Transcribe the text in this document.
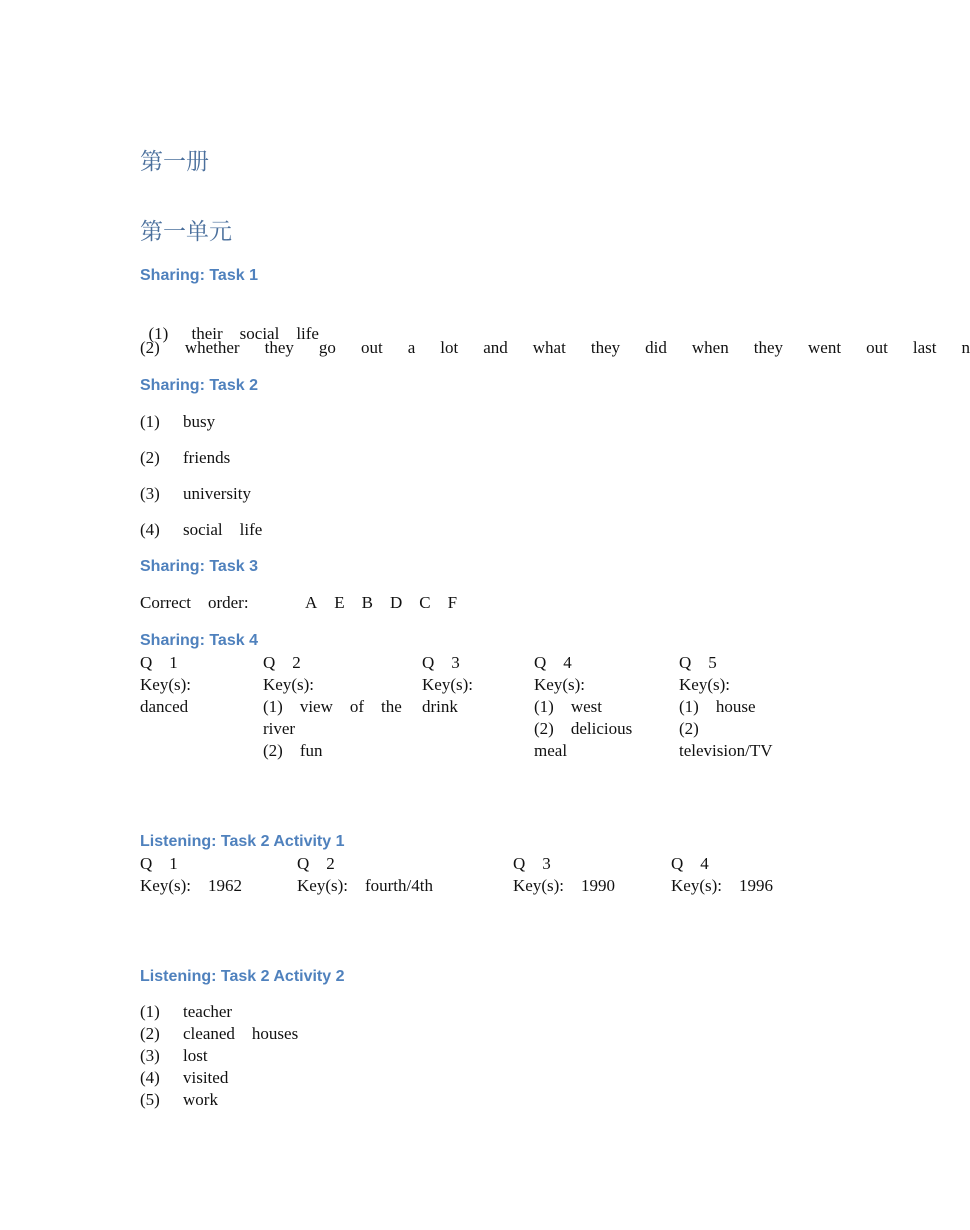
第一册
第一单元
Sharing: Task 1

(1) their social life

(2) whether they go out a lot and what they did when they went out last n
Sharing: Task 2
(1) busy
(2) friends
(3) university
(4) social    life
Sharing: Task 3
Correct    order:	A E B D C F
Sharing: Task 4
Q    1
Key(s):
danced
Q    2
Key(s):
(1)    view    of    the
river
(2)    fun
Q    3
Key(s):
drink
Q    4
Key(s):
(1)    west
(2)    delicious
meal
Q    5
Key(s):
(1)    house
(2)
television/TV
Listening: Task 2 Activity 1
Q    1
Key(s):    1962
Q    2
Key(s):    fourth/4th
Q    3
Key(s):    1990
Q    4
Key(s):    1996
Listening: Task 2 Activity 2
(1) teacher
(2) cleaned    houses
(3) lost
(4) visited
(5) work
